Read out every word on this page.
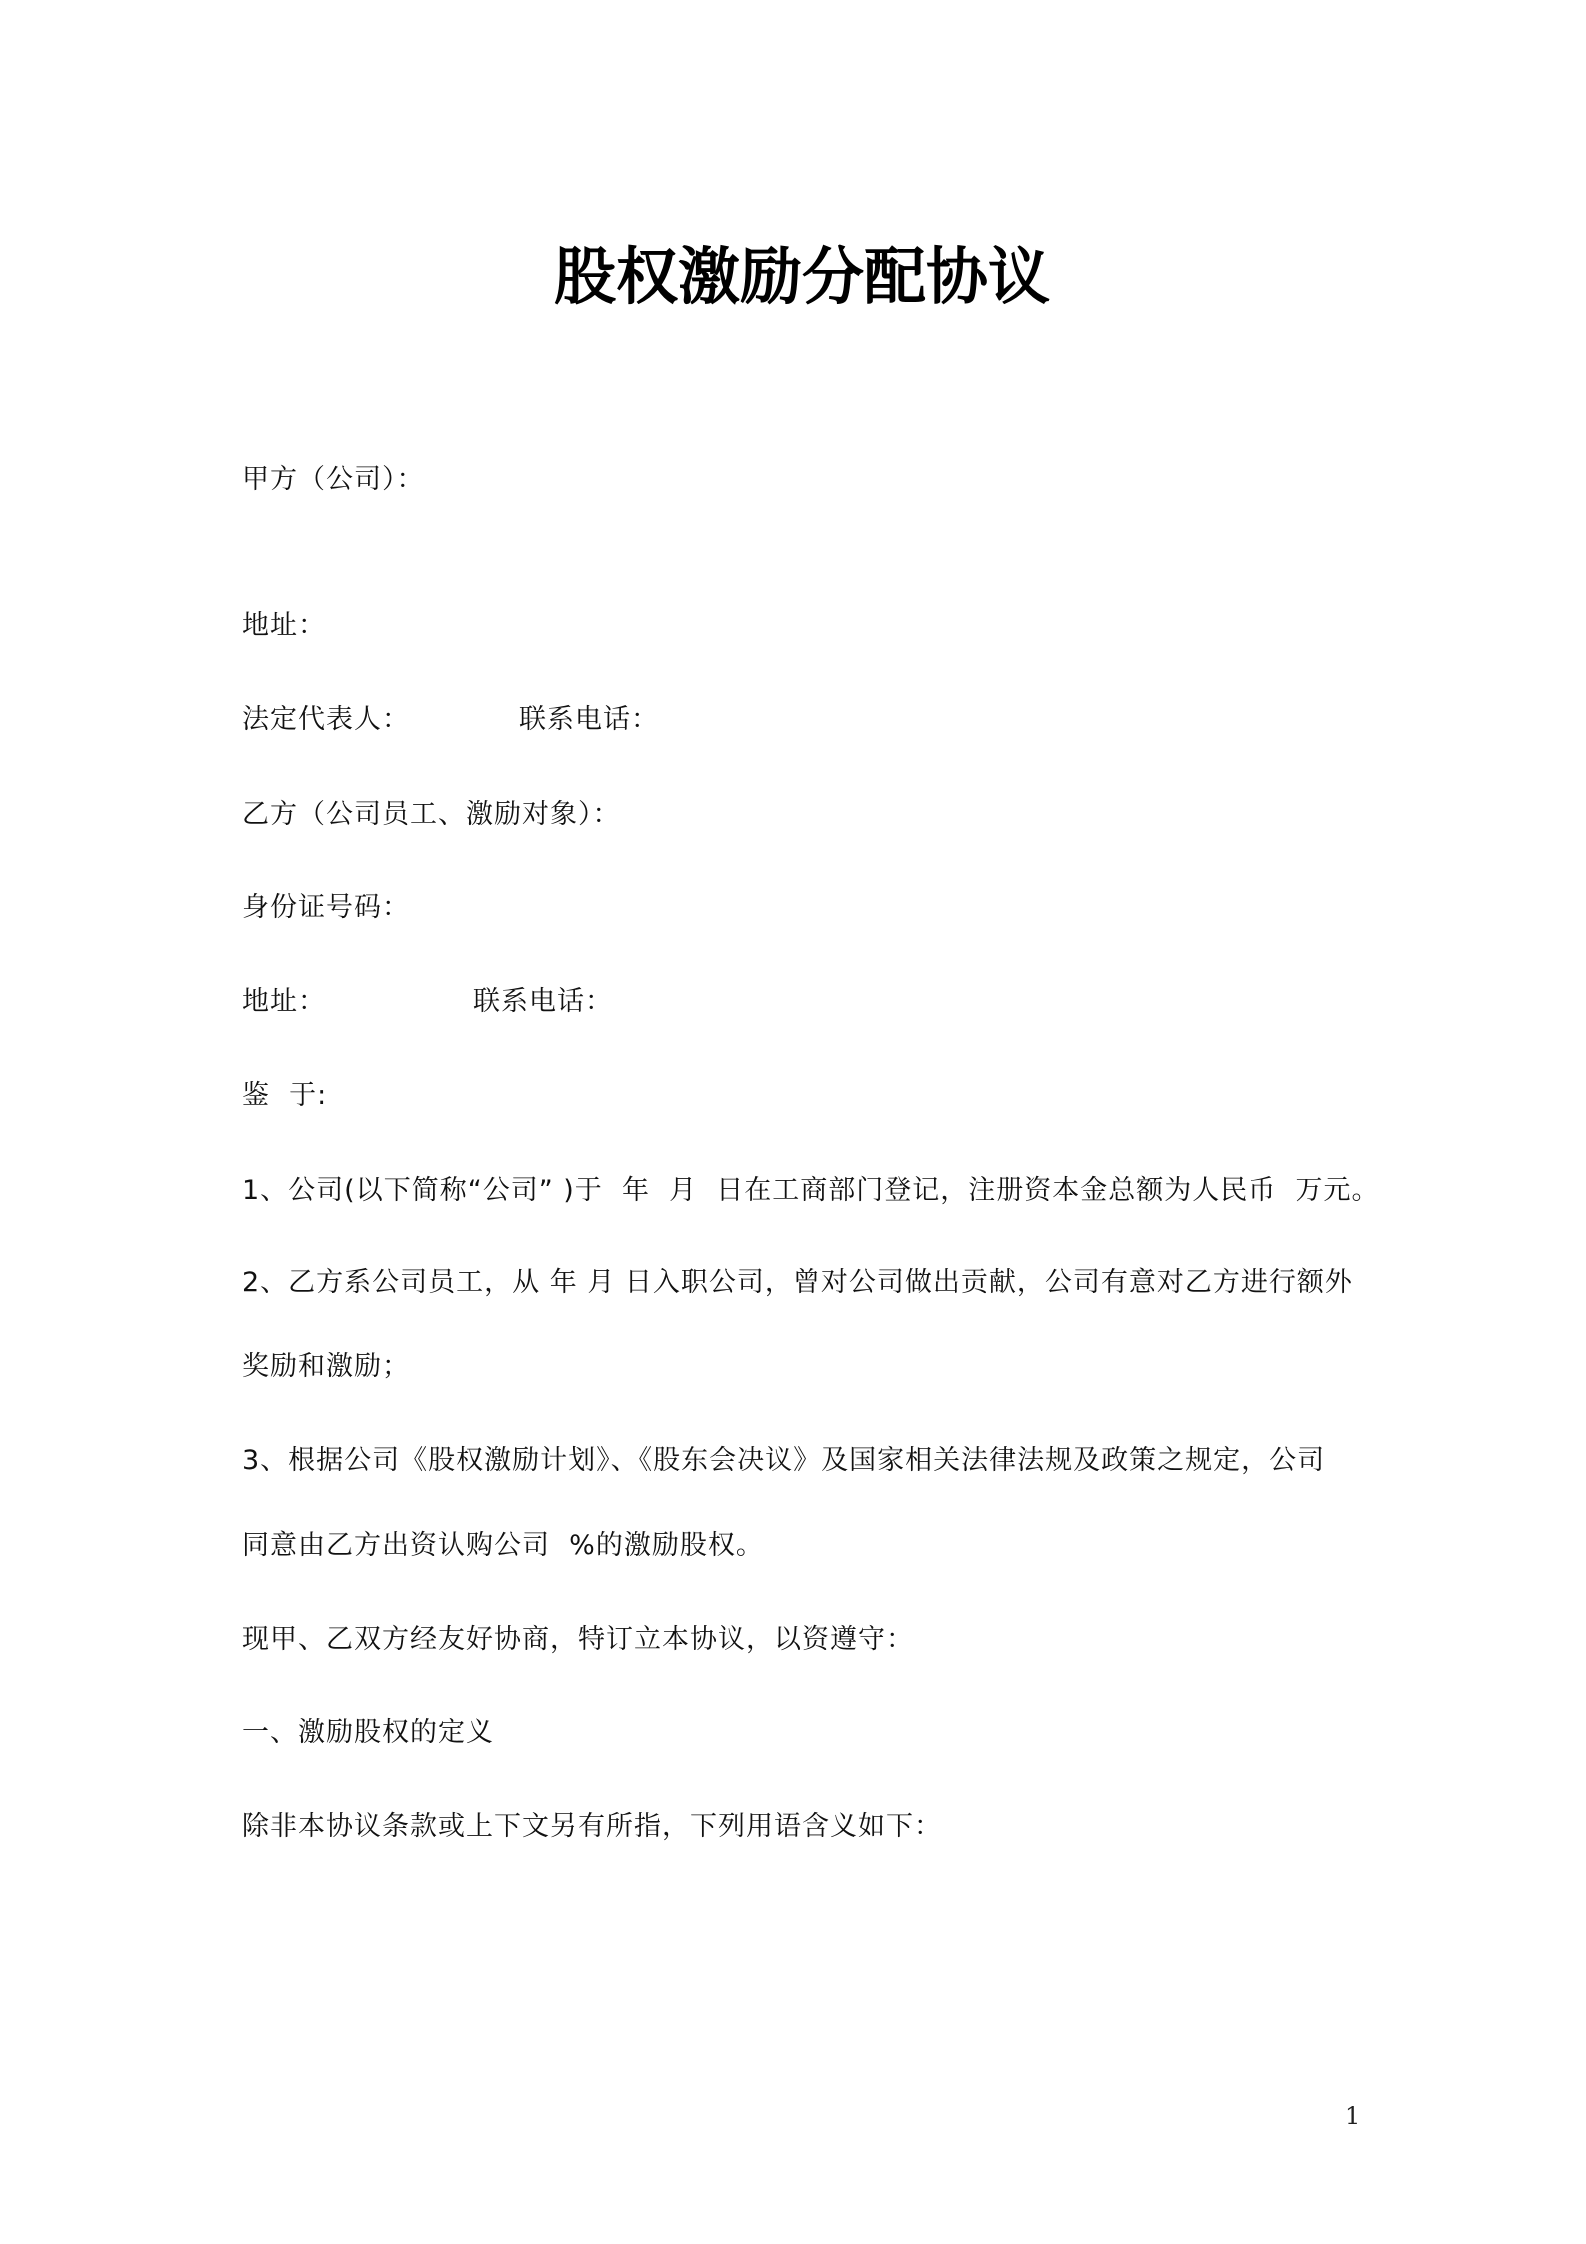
股权激励分配协议
甲方（公司）：
地址：
法定代表人：	联系电话：
乙方（公司员工、激励对象）：
身份证号码：
地址：	联系电话：
鉴  于:
1、公司(以下简称“公司” )于  年  月  日在工商部门登记，注册资本金总额为人民币  万元。
2、乙方系公司员工，从 年 月 日入职公司，曾对公司做出贡献，公司有意对乙方进行额外
奖励和激励；
3、根据公司《股权激励计划》、《股东会决议》及国家相关法律法规及政策之规定，公司
同意由乙方出资认购公司  %的激励股权。
现甲、乙双方经友好协商，特订立本协议，以资遵守：
一、激励股权的定义
除非本协议条款或上下文另有所指，下列用语含义如下：
1
